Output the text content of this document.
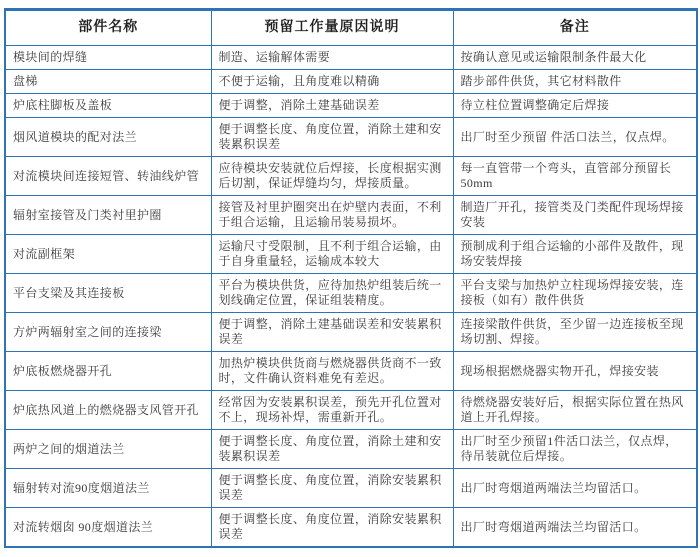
部件名称	预留工作量原因说明	备注
模块间的焊缝	制造、运输解体需要	按确认意见或运输限制条件最大化
盘梯	不便于运输，且角度难以精确	踏步部件供货，其它材料散件
炉底柱脚板及盖板	便于调整，消除土建基础误差	待立柱位置调整确定后焊接
烟风道模块的配对法兰	便于调整长度、角度位置，消除土建和安装累积误差	出厂时至少预留 件活口法兰，仅点焊。
对流模块间连接短管、转油线炉管	应待模块安装就位后焊接，长度根据实测后切割，保证焊缝均匀，焊接质量。	每一直管带一个弯头，直管部分预留长50mm
辐射室接管及门类衬里护圈	接管及衬里护圈突出在炉壁内表面，不利于组合运输，且运输吊装易损坏。	制造厂开孔，接管类及门类配件现场焊接安装
对流副框架	运输尺寸受限制，且不利于组合运输，由于自身重量轻，运输成本较大	预制成利于组合运输的小部件及散件，现场安装焊接
平台支梁及其连接板	平台为模块供货，应待加热炉组装后统一划线确定位置，保证组装精度。	平台支梁与加热炉立柱现场焊接安装，连接板（如有）散件供货
方炉两辐射室之间的连接梁	便于调整，消除土建基础误差和安装累积误差	连接梁散件供货，至少留一边连接板至现场切割、焊接。
炉底板燃烧器开孔	加热炉模块供货商与燃烧器供货商不一致时，文件确认资料难免有差迟。	现场根据燃烧器实物开孔，焊接安装
炉底热风道上的燃烧器支风管开孔	经常因为安装累积误差，预先开孔位置对不上，现场补焊，需重新开孔。	待燃烧器安装好后，根据实际位置在热风道上开孔焊接。
两炉之间的烟道法兰	便于调整长度、角度位置，消除土建和安装累积误差	出厂时至少预留1件活口法兰，仅点焊，待吊装就位后焊接。
辐射转对流90度烟道法兰	便于调整长度、角度位置，消除安装累积误差	出厂时弯烟道两端法兰均留活口。
对流转烟囱 90度烟道法兰	便于调整长度、角度位置，消除安装累积误差	出厂时弯烟道两端法兰均留活口。
